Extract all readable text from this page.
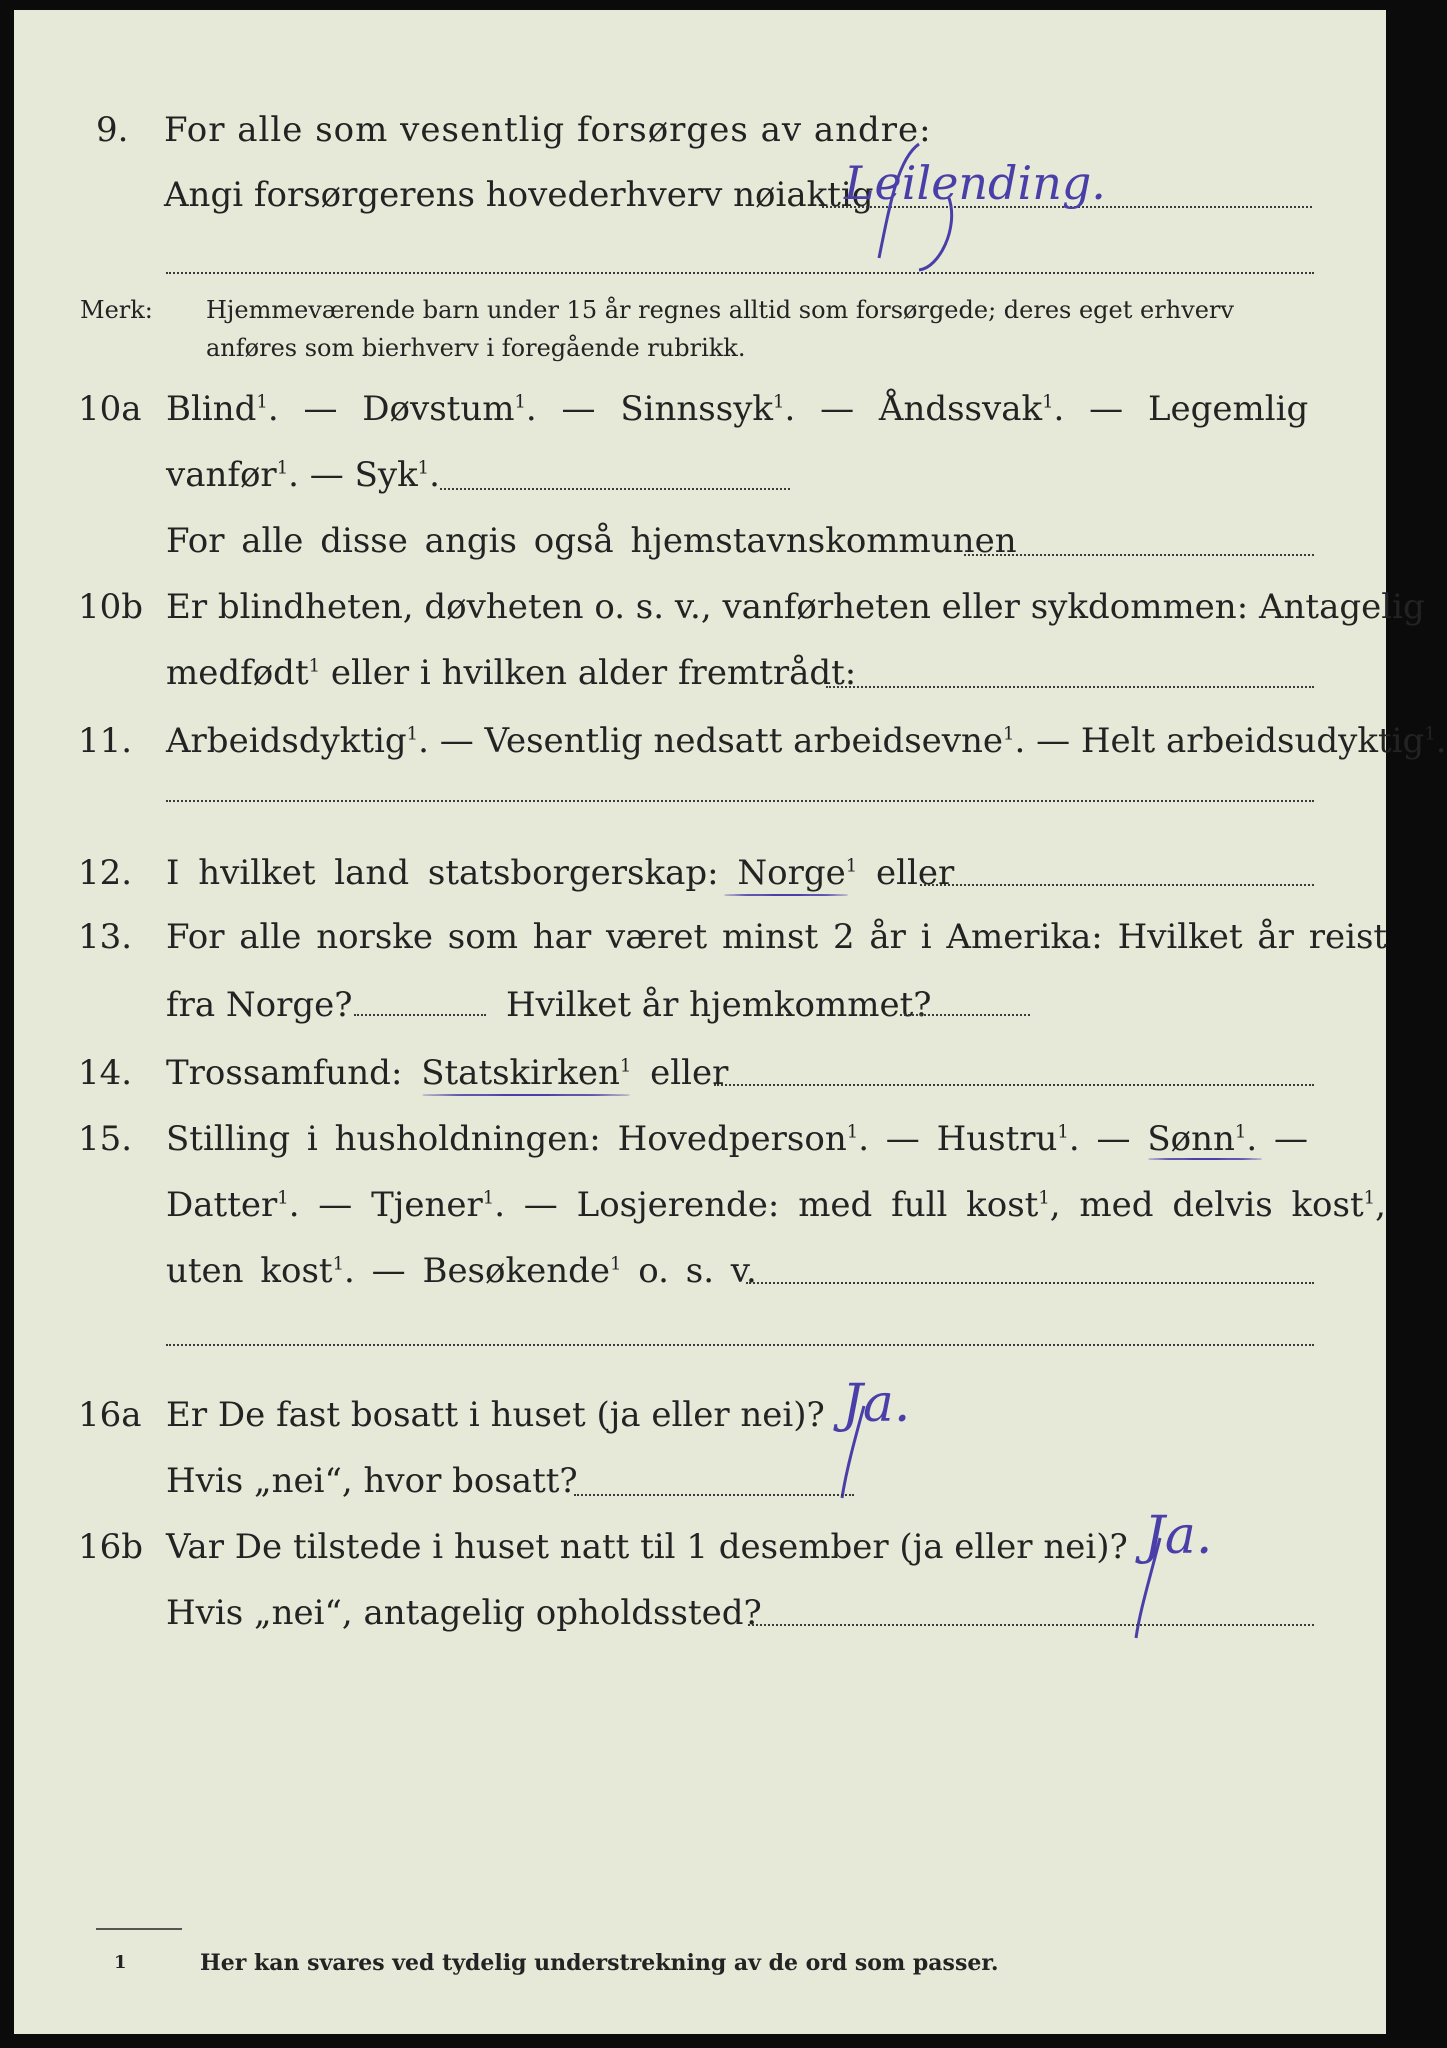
9. For alle som vesentlig forsørges av andre:
Angi forsørgerens hovederhverv nøiaktig
Leilending.
Merk: Hjemmeværende barn under 15 år regnes alltid som forsørgede; deres eget erhverv
anføres som bierhverv i foregående rubrikk.
10a Blind$^1$. — Døvstum$^1$. — Sinnssyk$^1$. — Åndssvak$^1$. — Legemlig
vanfør$^1$. — Syk$^1$.
For alle disse angis også hjemstavnskommunen
10b Er blindheten, døvheten o. s. v., vanførheten eller sykdommen: Antagelig
medfødt$^1$ eller i hvilken alder fremtrådt:
11. Arbeidsdyktig$^1$. — Vesentlig nedsatt arbeidsevne$^1$. — Helt arbeidsudyktig$^1$.
12. I hvilket land statsborgerskap: Norge$^1$ eller
13. For alle norske som har været minst 2 år i Amerika: Hvilket år reist
fra Norge?	Hvilket år hjemkommet?
14. Trossamfund: Statskirken$^1$ eller
15. Stilling i husholdningen: Hovedperson$^1$. — Hustru$^1$. — Sønn$^1$. —
Datter$^1$. — Tjener$^1$. — Losjerende: med full kost$^1$, med delvis kost$^1$,
uten kost$^1$. — Besøkende$^1$ o. s. v.
16a Er De fast bosatt i huset (ja eller nei)? Ja.
Hvis „nei“, hvor bosatt?
16b Var De tilstede i huset natt til 1 desember (ja eller nei)? Ja.
Hvis „nei“, antagelig opholdssted?
1	Her kan svares ved tydelig understrekning av de ord som passer.
